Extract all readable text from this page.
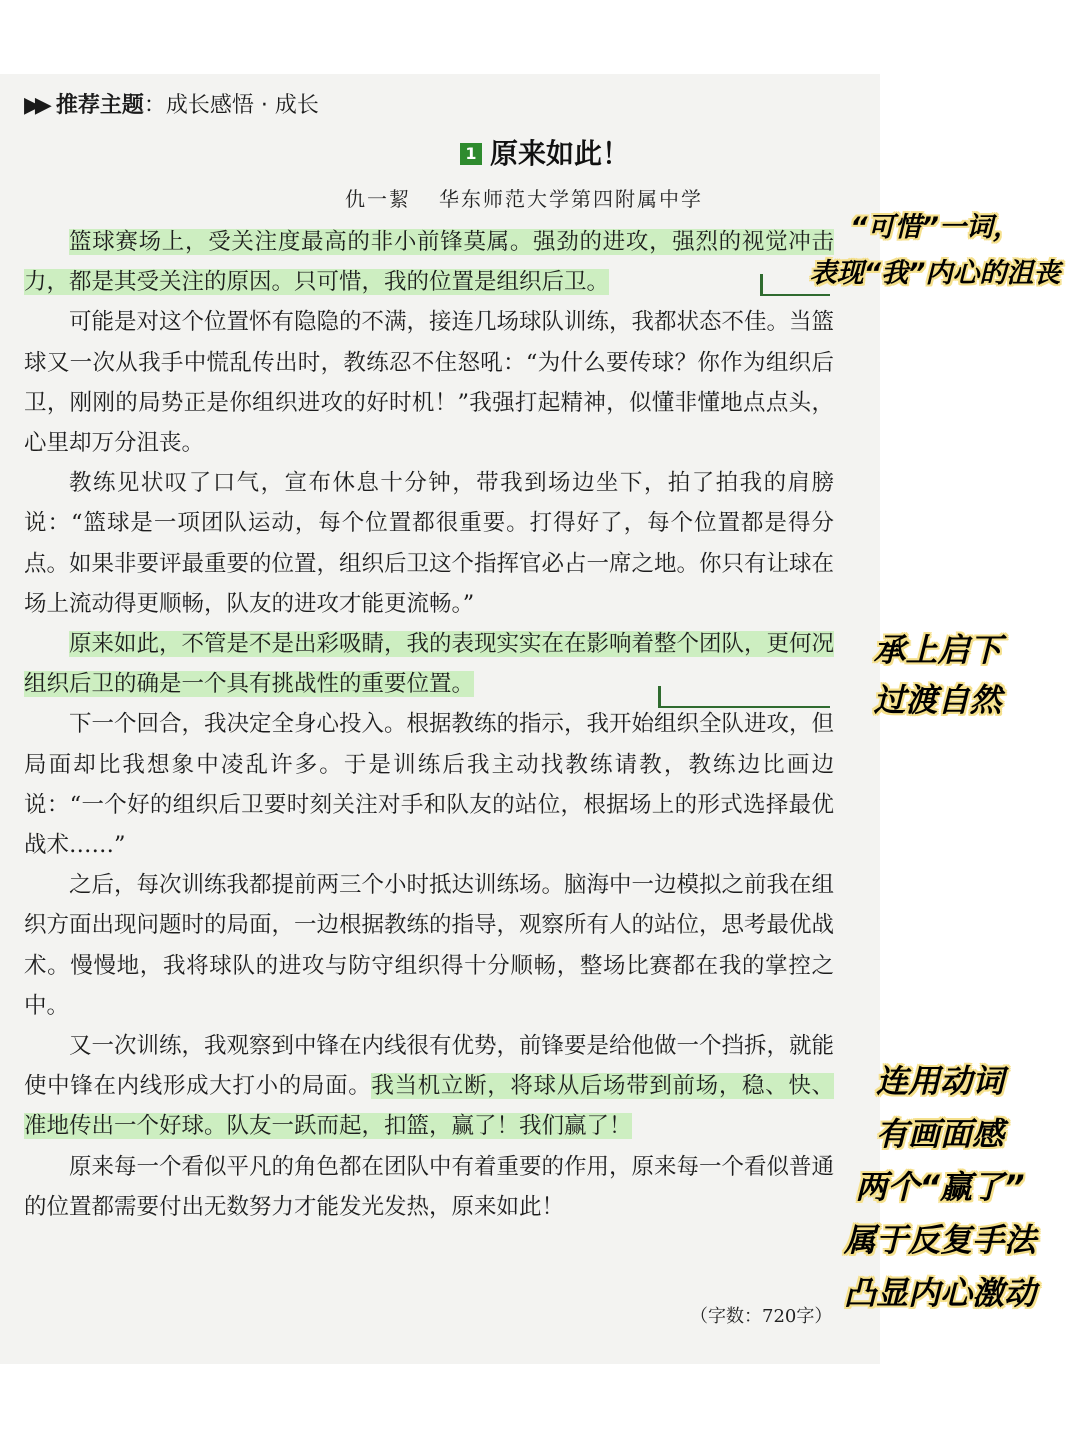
▶▶ 推荐主题：成长感悟 · 成长
1 原来如此！
仇一絜 华东师范大学第四附属中学

篮球赛场上，受关注度最高的非小前锋莫属。强劲的进攻，强烈的视觉冲击力，都是其受关注的原因。只可惜，我的位置是组织后卫。

可能是对这个位置怀有隐隐的不满，接连几场球队训练，我都状态不佳。当篮球又一次从我手中慌乱传出时，教练忍不住怒吼：“为什么要传球？你作为组织后卫，刚刚的局势正是你组织进攻的好时机！”我强打起精神，似懂非懂地点点头，心里却万分沮丧。

教练见状叹了口气，宣布休息十分钟，带我到场边坐下，拍了拍我的肩膀说：“篮球是一项团队运动，每个位置都很重要。打得好了，每个位置都是得分点。如果非要评最重要的位置，组织后卫这个指挥官必占一席之地。你只有让球在场上流动得更顺畅，队友的进攻才能更流畅。”

原来如此，不管是不是出彩吸睛，我的表现实实在在影响着整个团队，更何况组织后卫的确是一个具有挑战性的重要位置。

下一个回合，我决定全身心投入。根据教练的指示，我开始组织全队进攻，但局面却比我想象中凌乱许多。于是训练后我主动找教练请教，教练边比画边说：“一个好的组织后卫要时刻关注对手和队友的站位，根据场上的形式选择最优战术……”

之后，每次训练我都提前两三个小时抵达训练场。脑海中一边模拟之前我在组织方面出现问题时的局面，一边根据教练的指导，观察所有人的站位，思考最优战术。慢慢地，我将球队的进攻与防守组织得十分顺畅，整场比赛都在我的掌控之中。

又一次训练，我观察到中锋在内线很有优势，前锋要是给他做一个挡拆，就能使中锋在内线形成大打小的局面。我当机立断，将球从后场带到前场，稳、快、准地传出一个好球。队友一跃而起，扣篮，赢了！我们赢了！

原来每一个看似平凡的角色都在团队中有着重要的作用，原来每一个看似普通的位置都需要付出无数努力才能发光发热，原来如此！

（字数：720字）
“可惜”一词，
表现“我”内心的沮丧
承上启下
过渡自然
连用动词
有画面感
两个“赢了”
属于反复手法
凸显内心激动
